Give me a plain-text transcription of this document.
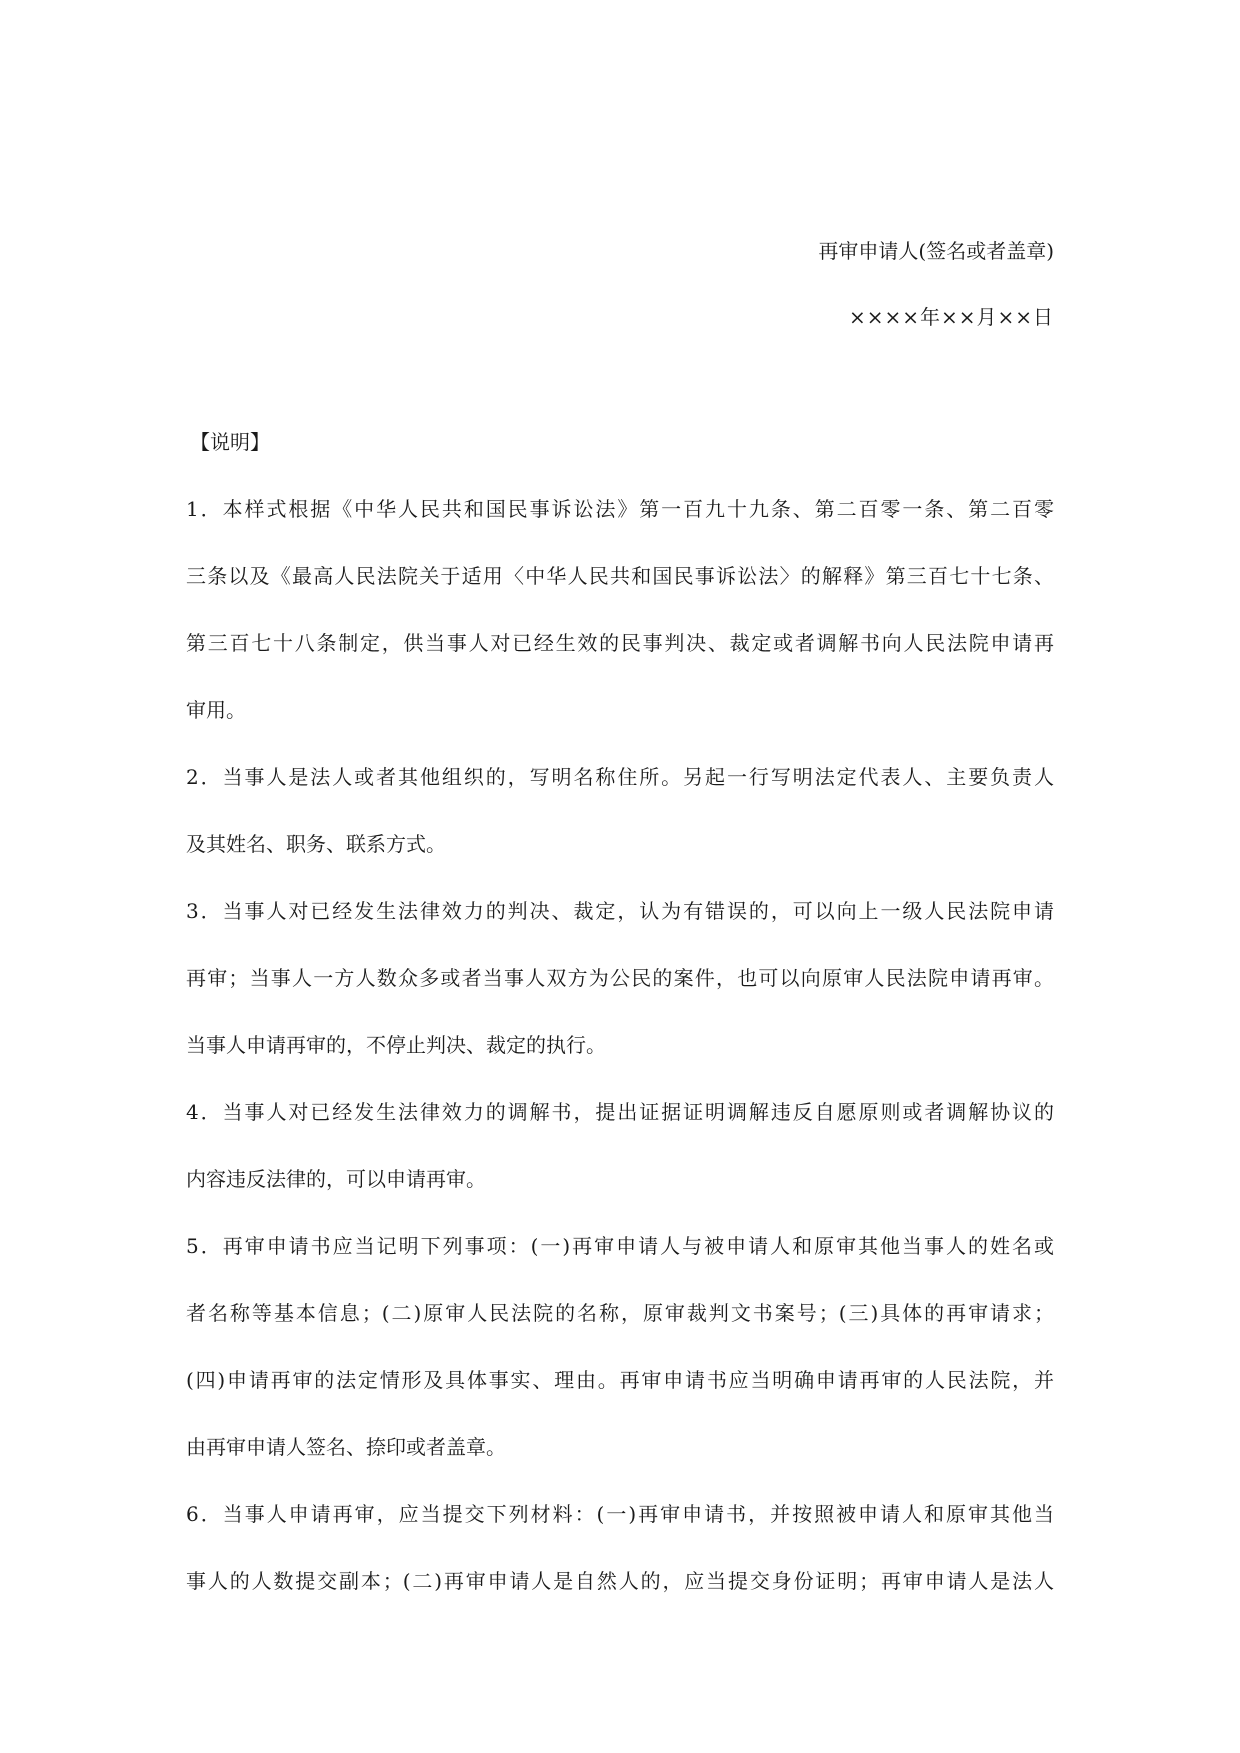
再审申请人(签名或者盖章)
××××年××月××日
【说明】
1．本样式根据《中华人民共和国民事诉讼法》第一百九十九条、第二百零一条、第二百零
三条以及《最高人民法院关于适用〈中华人民共和国民事诉讼法〉的解释》第三百七十七条、
第三百七十八条制定，供当事人对已经生效的民事判决、裁定或者调解书向人民法院申请再
审用。
2．当事人是法人或者其他组织的，写明名称住所。另起一行写明法定代表人、主要负责人
及其姓名、职务、联系方式。
3．当事人对已经发生法律效力的判决、裁定，认为有错误的，可以向上一级人民法院申请
再审；当事人一方人数众多或者当事人双方为公民的案件，也可以向原审人民法院申请再审。
当事人申请再审的，不停止判决、裁定的执行。
4．当事人对已经发生法律效力的调解书，提出证据证明调解违反自愿原则或者调解协议的
内容违反法律的，可以申请再审。
5．再审申请书应当记明下列事项：(一)再审申请人与被申请人和原审其他当事人的姓名或
者名称等基本信息；(二)原审人民法院的名称，原审裁判文书案号；(三)具体的再审请求；
(四)申请再审的法定情形及具体事实、理由。再审申请书应当明确申请再审的人民法院，并
由再审申请人签名、捺印或者盖章。
6．当事人申请再审，应当提交下列材料：(一)再审申请书，并按照被申请人和原审其他当
事人的人数提交副本；(二)再审申请人是自然人的，应当提交身份证明；再审申请人是法人
